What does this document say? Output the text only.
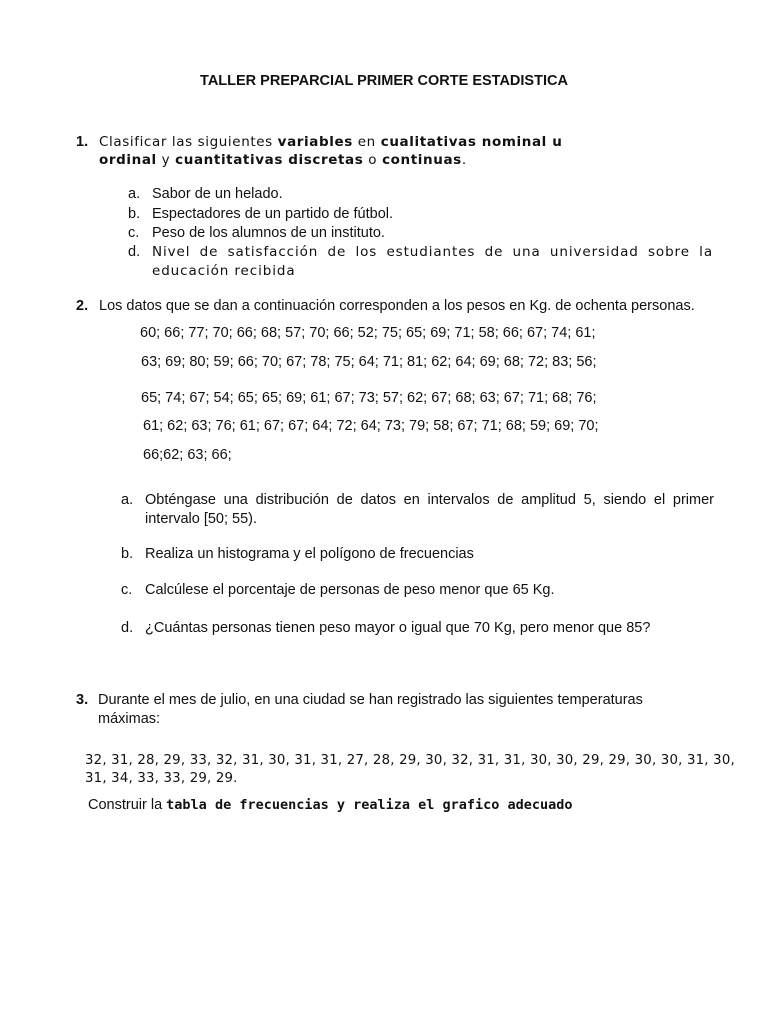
TALLER PREPARCIAL PRIMER CORTE ESTADISTICA
1. Clasificar las siguientes variables en cualitativas nominal u
ordinal y cuantitativas discretas o continuas.
a. Sabor de un helado.
b. Espectadores de un partido de fútbol.
c. Peso de los alumnos de un instituto.
d. Nivel de satisfacción de los estudiantes de una universidad sobre la
educación recibida
2. Los datos que se dan a continuación corresponden a los pesos en Kg. de ochenta personas.
60; 66; 77; 70; 66; 68; 57; 70; 66; 52; 75; 65; 69; 71; 58; 66; 67; 74; 61;
63; 69; 80; 59; 66; 70; 67; 78; 75; 64; 71; 81; 62; 64; 69; 68; 72; 83; 56;
65; 74; 67; 54; 65; 65; 69; 61; 67; 73; 57; 62; 67; 68; 63; 67; 71; 68; 76;
61; 62; 63; 76; 61; 67; 67; 64; 72; 64; 73; 79; 58; 67; 71; 68; 59; 69; 70;
66;62; 63; 66;
a. Obténgase una distribución de datos en intervalos de amplitud 5, siendo el primer
intervalo [50; 55).
b. Realiza un histograma y el polígono de frecuencias
c. Calcúlese el porcentaje de personas de peso menor que 65 Kg.
d. ¿Cuántas personas tienen peso mayor o igual que 70 Kg, pero menor que 85?
3. Durante el mes de julio, en una ciudad se han registrado las siguientes temperaturas
máximas:
32, 31, 28, 29, 33, 32, 31, 30, 31, 31, 27, 28, 29, 30, 32, 31, 31, 30, 30, 29, 29, 30, 30, 31, 30,
31, 34, 33, 33, 29, 29.
Construir la tabla de frecuencias y realiza el grafico adecuado
